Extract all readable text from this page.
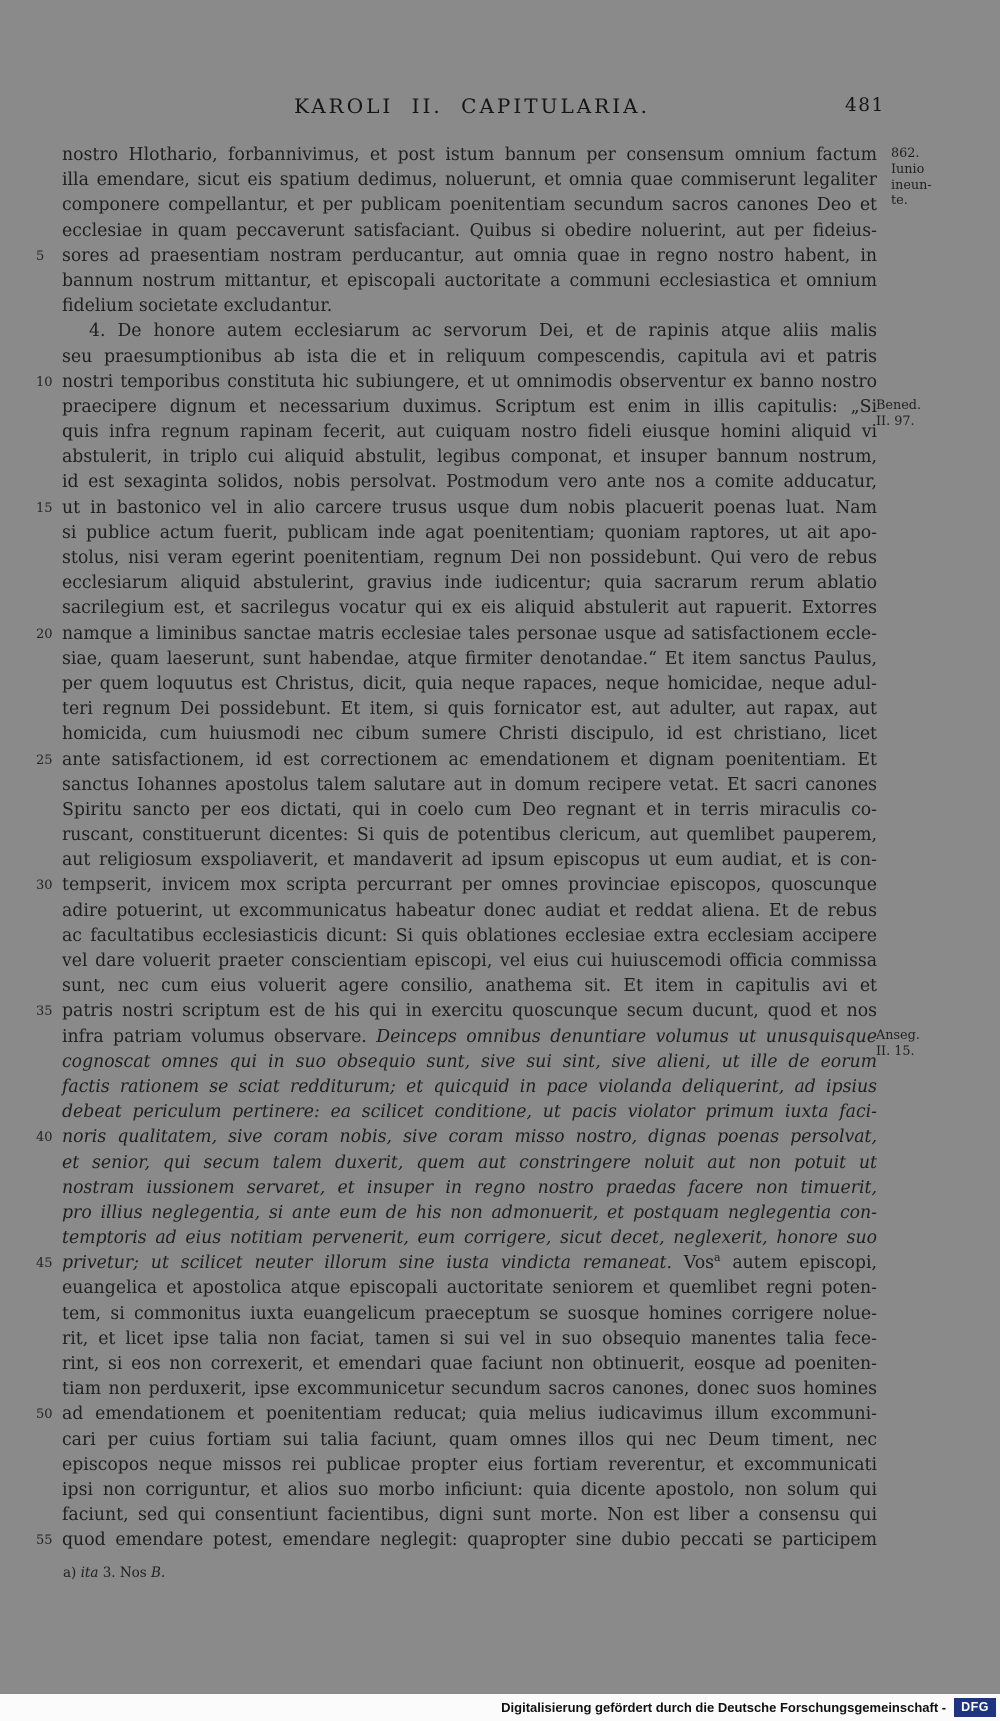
KAROLI II. CAPITULARIA.	481
nostro Hlothario, forbannivimus, et post istum bannum per consensum omnium factum
illa emendare, sicut eis spatium dedimus, noluerunt, et omnia quae commiserunt legaliter
componere compellantur, et per publicam poenitentiam secundum sacros canones Deo et
ecclesiae in quam peccaverunt satisfaciant. Quibus si obedire noluerint, aut per fideius-
5	sores ad praesentiam nostram perducantur, aut omnia quae in regno nostro habent, in
bannum nostrum mittantur, et episcopali auctoritate a communi ecclesiastica et omnium
fidelium societate excludantur.
4. De honore autem ecclesiarum ac servorum Dei, et de rapinis atque aliis malis
seu praesumptionibus ab ista die et in reliquum compescendis, capitula avi et patris
10 nostri temporibus constituta hic subiungere, et ut omnimodis observentur ex banno nostro
praecipere dignum et necessarium duximus. Scriptum est enim in illis capitulis: „Si
quis infra regnum rapinam fecerit, aut cuiquam nostro fideli eiusque homini aliquid vi
abstulerit, in triplo cui aliquid abstulit, legibus componat, et insuper bannum nostrum,
id est sexaginta solidos, nobis persolvat. Postmodum vero ante nos a comite adducatur,
15 ut in bastonico vel in alio carcere trusus usque dum nobis placuerit poenas luat. Nam
si publice actum fuerit, publicam inde agat poenitentiam; quoniam raptores, ut ait apo-
stolus, nisi veram egerint poenitentiam, regnum Dei non possidebunt. Qui vero de rebus
ecclesiarum aliquid abstulerint, gravius inde iudicentur; quia sacrarum rerum ablatio
sacrilegium est, et sacrilegus vocatur qui ex eis aliquid abstulerit aut rapuerit. Extorres
20 namque a liminibus sanctae matris ecclesiae tales personae usque ad satisfactionem eccle-
siae, quam laeserunt, sunt habendae, atque firmiter denotandae.“ Et item sanctus Paulus,
per quem loquutus est Christus, dicit, quia neque rapaces, neque homicidae, neque adul-
teri regnum Dei possidebunt. Et item, si quis fornicator est, aut adulter, aut rapax, aut
homicida, cum huiusmodi nec cibum sumere Christi discipulo, id est christiano, licet
25 ante satisfactionem, id est correctionem ac emendationem et dignam poenitentiam. Et
sanctus Iohannes apostolus talem salutare aut in domum recipere vetat. Et sacri canones
Spiritu sancto per eos dictati, qui in coelo cum Deo regnant et in terris miraculis co-
ruscant, constituerunt dicentes: Si quis de potentibus clericum, aut quemlibet pauperem,
aut religiosum exspoliaverit, et mandaverit ad ipsum episcopus ut eum audiat, et is con-
30 tempserit, invicem mox scripta percurrant per omnes provinciae episcopos, quoscunque
adire potuerint, ut excommunicatus habeatur donec audiat et reddat aliena. Et de rebus
ac facultatibus ecclesiasticis dicunt: Si quis oblationes ecclesiae extra ecclesiam accipere
vel dare voluerit praeter conscientiam episcopi, vel eius cui huiuscemodi officia commissa
sunt, nec cum eius voluerit agere consilio, anathema sit. Et item in capitulis avi et
35 patris nostri scriptum est de his qui in exercitu quoscunque secum ducunt, quod et nos
infra patriam volumus observare. Deinceps omnibus denuntiare volumus ut unusquisque
cognoscat omnes qui in suo obsequio sunt, sive sui sint, sive alieni, ut ille de eorum
factis rationem se sciat redditurum; et quicquid in pace violanda deliquerint, ad ipsius
debeat periculum pertinere: ea scilicet conditione, ut pacis violator primum iuxta faci-
40 noris qualitatem, sive coram nobis, sive coram misso nostro, dignas poenas persolvat,
et senior, qui secum talem duxerit, quem aut constringere noluit aut non potuit ut
nostram iussionem servaret, et insuper in regno nostro praedas facere non timuerit,
pro illius neglegentia, si ante eum de his non admonuerit, et postquam neglegentia con-
temptoris ad eius notitiam pervenerit, eum corrigere, sicut decet, neglexerit, honore suo
45 privetur; ut scilicet neuter illorum sine iusta vindicta remaneat. Vos$^a$ autem episcopi,
euangelica et apostolica atque episcopali auctoritate seniorem et quemlibet regni poten-
tem, si commonitus iuxta euangelicum praeceptum se suosque homines corrigere nolue-
rit, et licet ipse talia non faciat, tamen si sui vel in suo obsequio manentes talia fece-
rint, si eos non correxerit, et emendari quae faciunt non obtinuerit, eosque ad poeniten-
tiam non perduxerit, ipse excommunicetur secundum sacros canones, donec suos homines
50 ad emendationem et poenitentiam reducat; quia melius iudicavimus illum excommuni-
cari per cuius fortiam sui talia faciunt, quam omnes illos qui nec Deum timent, nec
episcopos neque missos rei publicae propter eius fortiam reverentur, et excommunicati
ipsi non corriguntur, et alios suo morbo inficiunt: quia dicente apostolo, non solum qui
faciunt, sed qui consentiunt facientibus, digni sunt morte. Non est liber a consensu qui
55 quod emendare potest, emendare neglegit: quapropter sine dubio peccati se participem
862.
Iunio
ineun-
te.
Bened.
II. 97.
Anseg.
II. 15.
a) ita 3. Nos B.
Digitalisierung gefördert durch die Deutsche Forschungsgemeinschaft -	DFG
